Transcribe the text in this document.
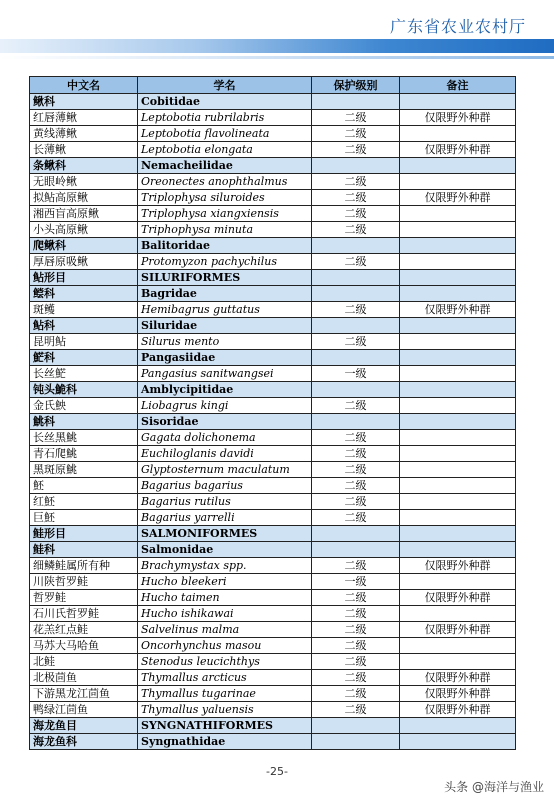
广东省农业农村厅
中文名	学名	保护级别	备注
鳅科	Cobitidae		
红唇薄鳅	Leptobotia rubrilabris	二级	仅限野外种群
黄线薄鳅	Leptobotia flavolineata	二级	
长薄鳅	Leptobotia elongata	二级	仅限野外种群
条鳅科	Nemacheilidae		
无眼岭鳅	Oreonectes anophthalmus	二级	
拟鲇高原鳅	Triplophysa siluroides	二级	仅限野外种群
湘西盲高原鳅	Triplophysa xiangxiensis	二级	
小头高原鳅	Triphophysa minuta	二级	
爬鳅科	Balitoridae		
厚唇原吸鳅	Protomyzon pachychilus	二级	
鲇形目	SILURIFORMES		
鲿科	Bagridae		
斑鳠	Hemibagrus guttatus	二级	仅限野外种群
鲇科	Siluridae		
昆明鲇	Silurus mento	二级	
𩷶科	Pangasiidae		
长丝𩷶	Pangasius sanitwangsei	一级	
钝头鮠科	Amblycipitidae		
金氏䱀	Liobagrus kingi	二级	
鮡科	Sisoridae		
长丝黑鮡	Gagata dolichonema	二级	
青石爬鮡	Euchiloglanis davidi	二级	
黑斑原鮡	Glyptosternum maculatum	二级	
魾	Bagarius bagarius	二级	
红魾	Bagarius rutilus	二级	
巨魾	Bagarius yarrelli	二级	
鲑形目	SALMONIFORMES		
鲑科	Salmonidae		
细鳞鲑属所有种	Brachymystax spp.	二级	仅限野外种群
川陕哲罗鲑	Hucho bleekeri	一级	
哲罗鲑	Hucho taimen	二级	仅限野外种群
石川氏哲罗鲑	Hucho ishikawai	二级	
花羔红点鲑	Salvelinus malma	二级	仅限野外种群
马苏大马哈鱼	Oncorhynchus masou	二级	
北鲑	Stenodus leucichthys	二级	
北极茴鱼	Thymallus arcticus	二级	仅限野外种群
下游黑龙江茴鱼	Thymallus tugarinae	二级	仅限野外种群
鸭绿江茴鱼	Thymallus yaluensis	二级	仅限野外种群
海龙鱼目	SYNGNATHIFORMES		
海龙鱼科	Syngnathidae		
-25-
头条 @海洋与渔业
